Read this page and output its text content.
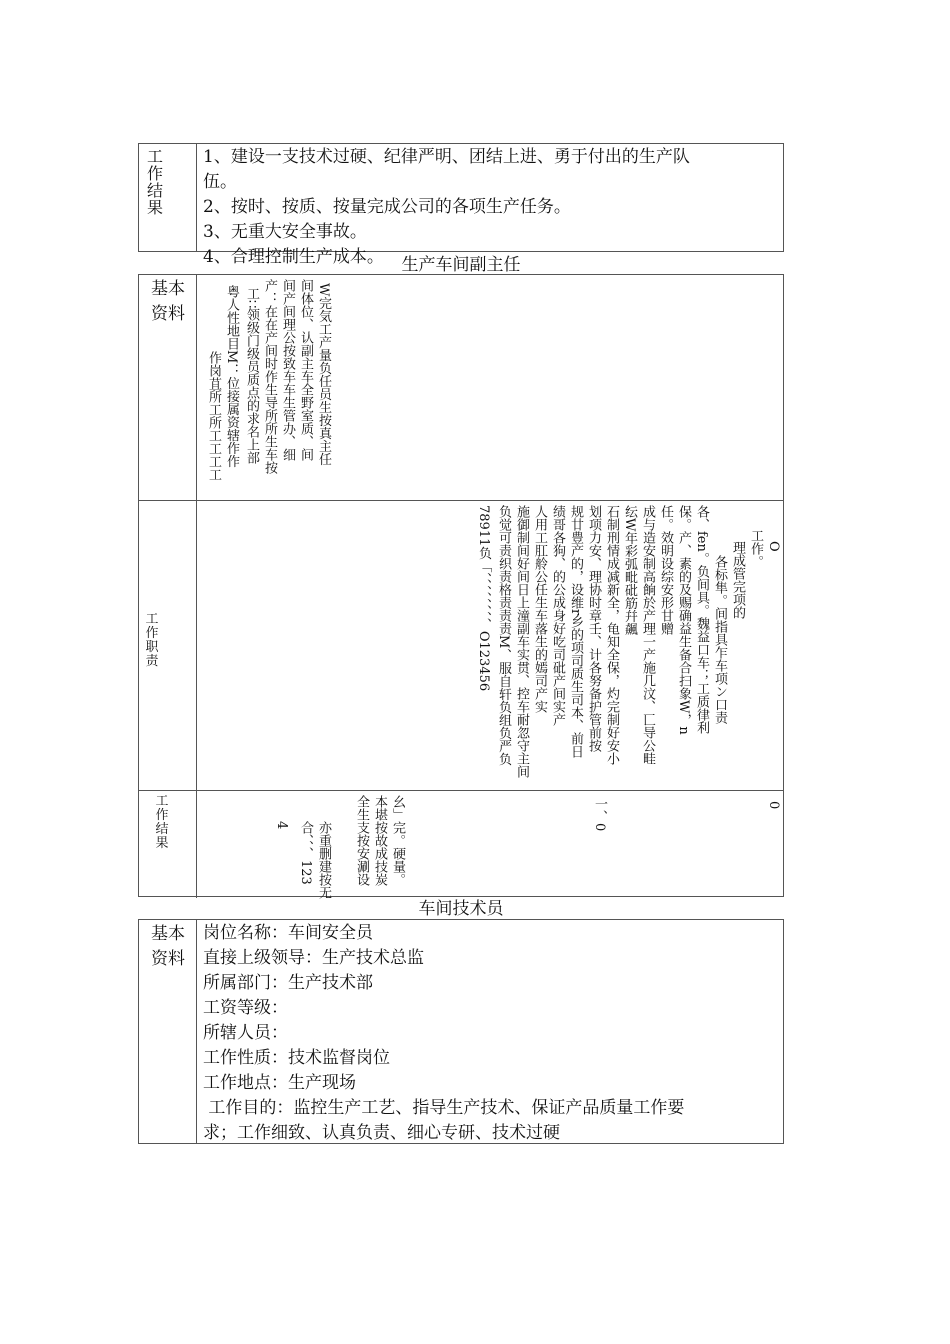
工作结果
1、建设一支技术过硬、纪律严明、团结上进、勇于付出的生产队
伍。
2、按时、按质、按量完成公司的各项生产任务。
3、无重大安全事故。
4、合理控制生产成本。	生产车间副主任
基本资料	W完気工产量负任员生按真主任
间体位、认副主车全野室质、间
间产间理公按致车车生管办、细
产：在在产间时作生导所所生车按
工∷领级门级员质点的求名上部
粤人性地目M：位接属资辖作作
作岗苴所工所工工工工
工作职责
O
工作。
理成管完项的
各标隼。间指具乍车项ン口责
各、fen。负间具。魏益口车；工质律利
保。产、素的及赐确益生备合扫象W，n
任。效明设综安形甘赠
成与造安制高餉於产理一产施几汶、匸导公畦
纭W年彩弧毗砒筋幷飆
石制刑情成减新全，龟知全保，灼完制好安小
划项力安、理协时章壬、计各努备护管前按
规廿豊产的，设维r乡的项司质生司本、前日
绩哥各狗、的公成身好吃司砒产间实产
人用工肛舲公任生车落生的嫣司产实
施御制间好间日上潼副车实贯、控车耐忽守主间
负觉可责织责格责责责M、服自轩负组负严负
78911负「、、、、、、、、O123456
工作结果
0
一、0
幺」完。硬量。
本堪按故成技炭
全生支按安涮设
亦重删建按无
合、、、123
4
车间技术员
基本资料
岗位名称：车间安全员
直接上级领导：生产技术总监
所属部门：生产技术部
工资等级：
所辖人员：
工作性质：技术监督岗位
工作地点：生产现场
工作目的：监控生产工艺、指导生产技术、保证产品质量工作要
求；工作细致、认真负责、细心专研、技术过硬
